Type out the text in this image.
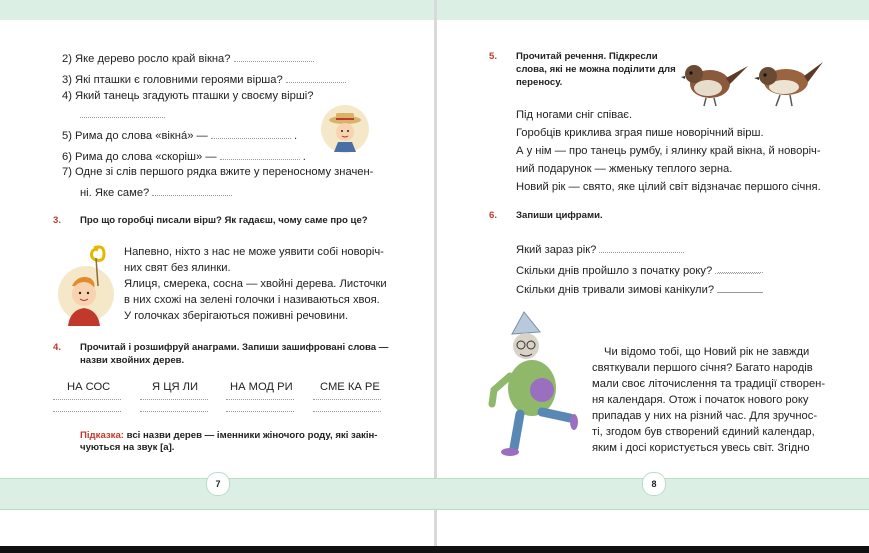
2) Яке дерево росло край вікна?
3) Які пташки є головними героями вірша?
4) Який танець згадують пташки у своєму вірші?
5) Рима до слова «вікнá» —	.
6) Рима до слова «скоріш» —	.
7) Одне зі слів першого рядка вжите у переносному значен-
ні. Яке саме?
3. Про що горобці писали вірш? Як гадаєш, чому саме про це?
Напевно, ніхто з нас не може уявити собі новоріч-
них свят без ялинки.
Ялиця, смерека, сосна — хвойні дерева. Листочки
в них схожі на зелені голочки і називаються хвоя.
У голочках зберігаються поживні речовини.
4. Прочитай і розшифруй анаграми. Запиши зашифровані слова —
назви хвойних дерев.
НА СОС	Я ЦЯ ЛИ	НА МОД РИ СМЕ КА РЕ
Підказка: всі назви дерев — іменники жіночого роду, які закін-
чуються на звук [а].
7
5. Прочитай речення. Підкресли
слова, які не можна поділити для
переносу.
Під ногами сніг співає.
Горобців криклива зграя пише новорічний вірш.
А у нім — про танець румбу, і ялинку край вікна, й новоріч-
ний подарунок — жменьку теплого зерна.
Новий рік — свято, яке цілий світ відзначає першого січня.
6. Запиши цифрами.
Який зараз рік?
Скільки днів пройшло з початку року?
Скільки днів тривали зимові канікули?
Чи відомо тобі, що Новий рік не завжди
святкували першого січня? Багато народів
мали своє літочислення та традиції створен-
ня календаря. Отож і початок нового року
припадав у них на різний час. Для зручнос-
ті, згодом був створений єдиний календар,
яким і досі користується увесь світ. Згідно
8
